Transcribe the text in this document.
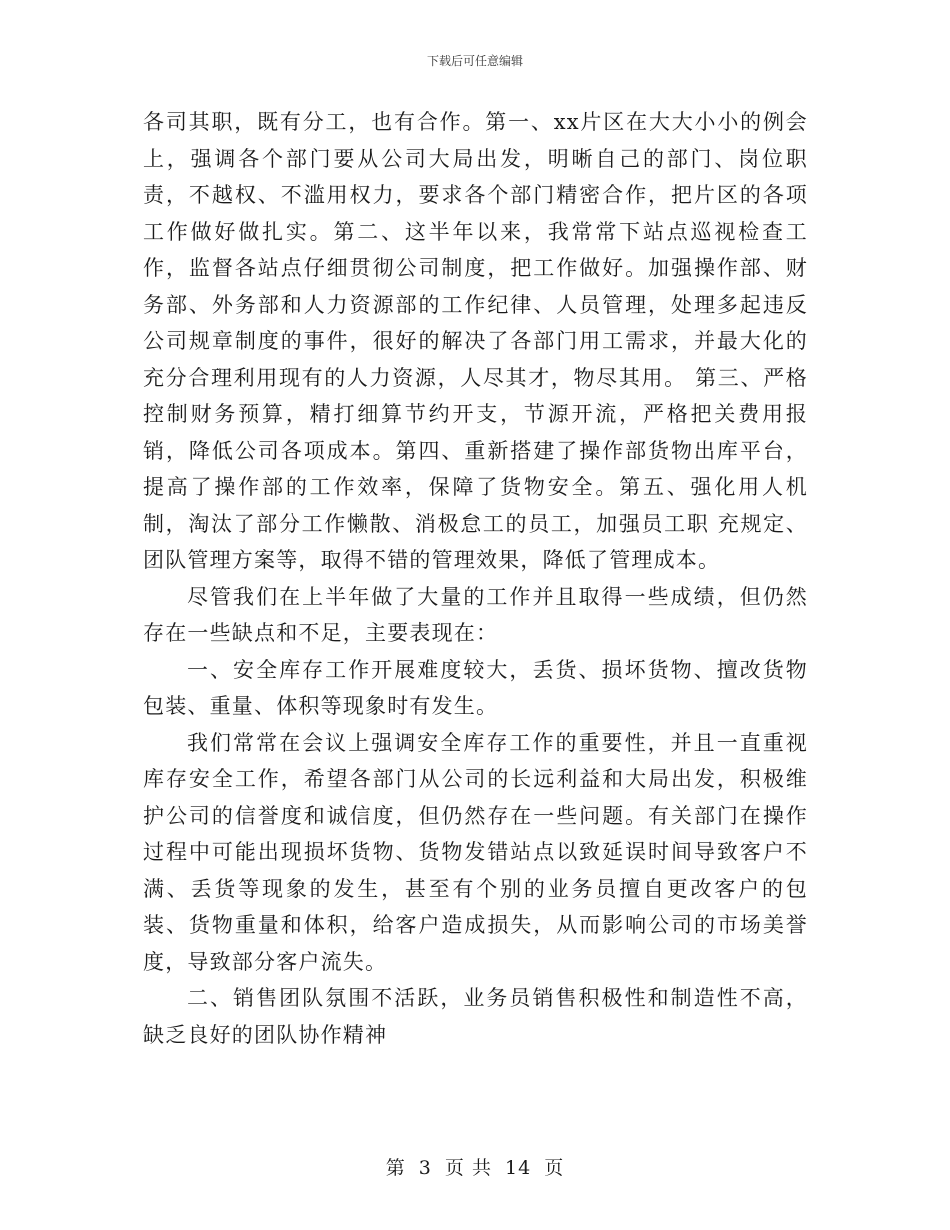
下载后可任意编辑

各司其职，既有分工，也有合作。第一、xx片区在大大小小的例会上，强调各个部门要从公司大局出发，明晰自己的部门、岗位职责，不越权、不滥用权力，要求各个部门精密合作，把片区的各项工作做好做扎实。第二、这半年以来，我常常下站点巡视检查工作，监督各站点仔细贯彻公司制度，把工作做好。加强操作部、财务部、外务部和人力资源部的工作纪律、人员管理，处理多起违反公司规章制度的事件，很好的解决了各部门用工需求，并最大化的充分合理利用现有的人力资源，人尽其才，物尽其用。 第三、严格控制财务预算，精打细算节约开支，节源开流，严格把关费用报销，降低公司各项成本。第四、重新搭建了操作部货物出库平台，提高了操作部的工作效率，保障了货物安全。第五、强化用人机制，淘汰了部分工作懒散、消极怠工的员工，加强员工职 充规定、团队管理方案等，取得不错的管理效果，降低了管理成本。

尽管我们在上半年做了大量的工作并且取得一些成绩，但仍然存在一些缺点和不足，主要表现在：

一、安全库存工作开展难度较大，丢货、损坏货物、擅改货物包装、重量、体积等现象时有发生。

我们常常在会议上强调安全库存工作的重要性，并且一直重视库存安全工作，希望各部门从公司的长远利益和大局出发，积极维护公司的信誉度和诚信度，但仍然存在一些问题。有关部门在操作过程中可能出现损坏货物、货物发错站点以致延误时间导致客户不满、丢货等现象的发生，甚至有个别的业务员擅自更改客户的包装、货物重量和体积，给客户造成损失，从而影响公司的市场美誉度，导致部分客户流失。

二、销售团队氛围不活跃，业务员销售积极性和制造性不高，缺乏良好的团队协作精神

第 3 页 共 14 页
